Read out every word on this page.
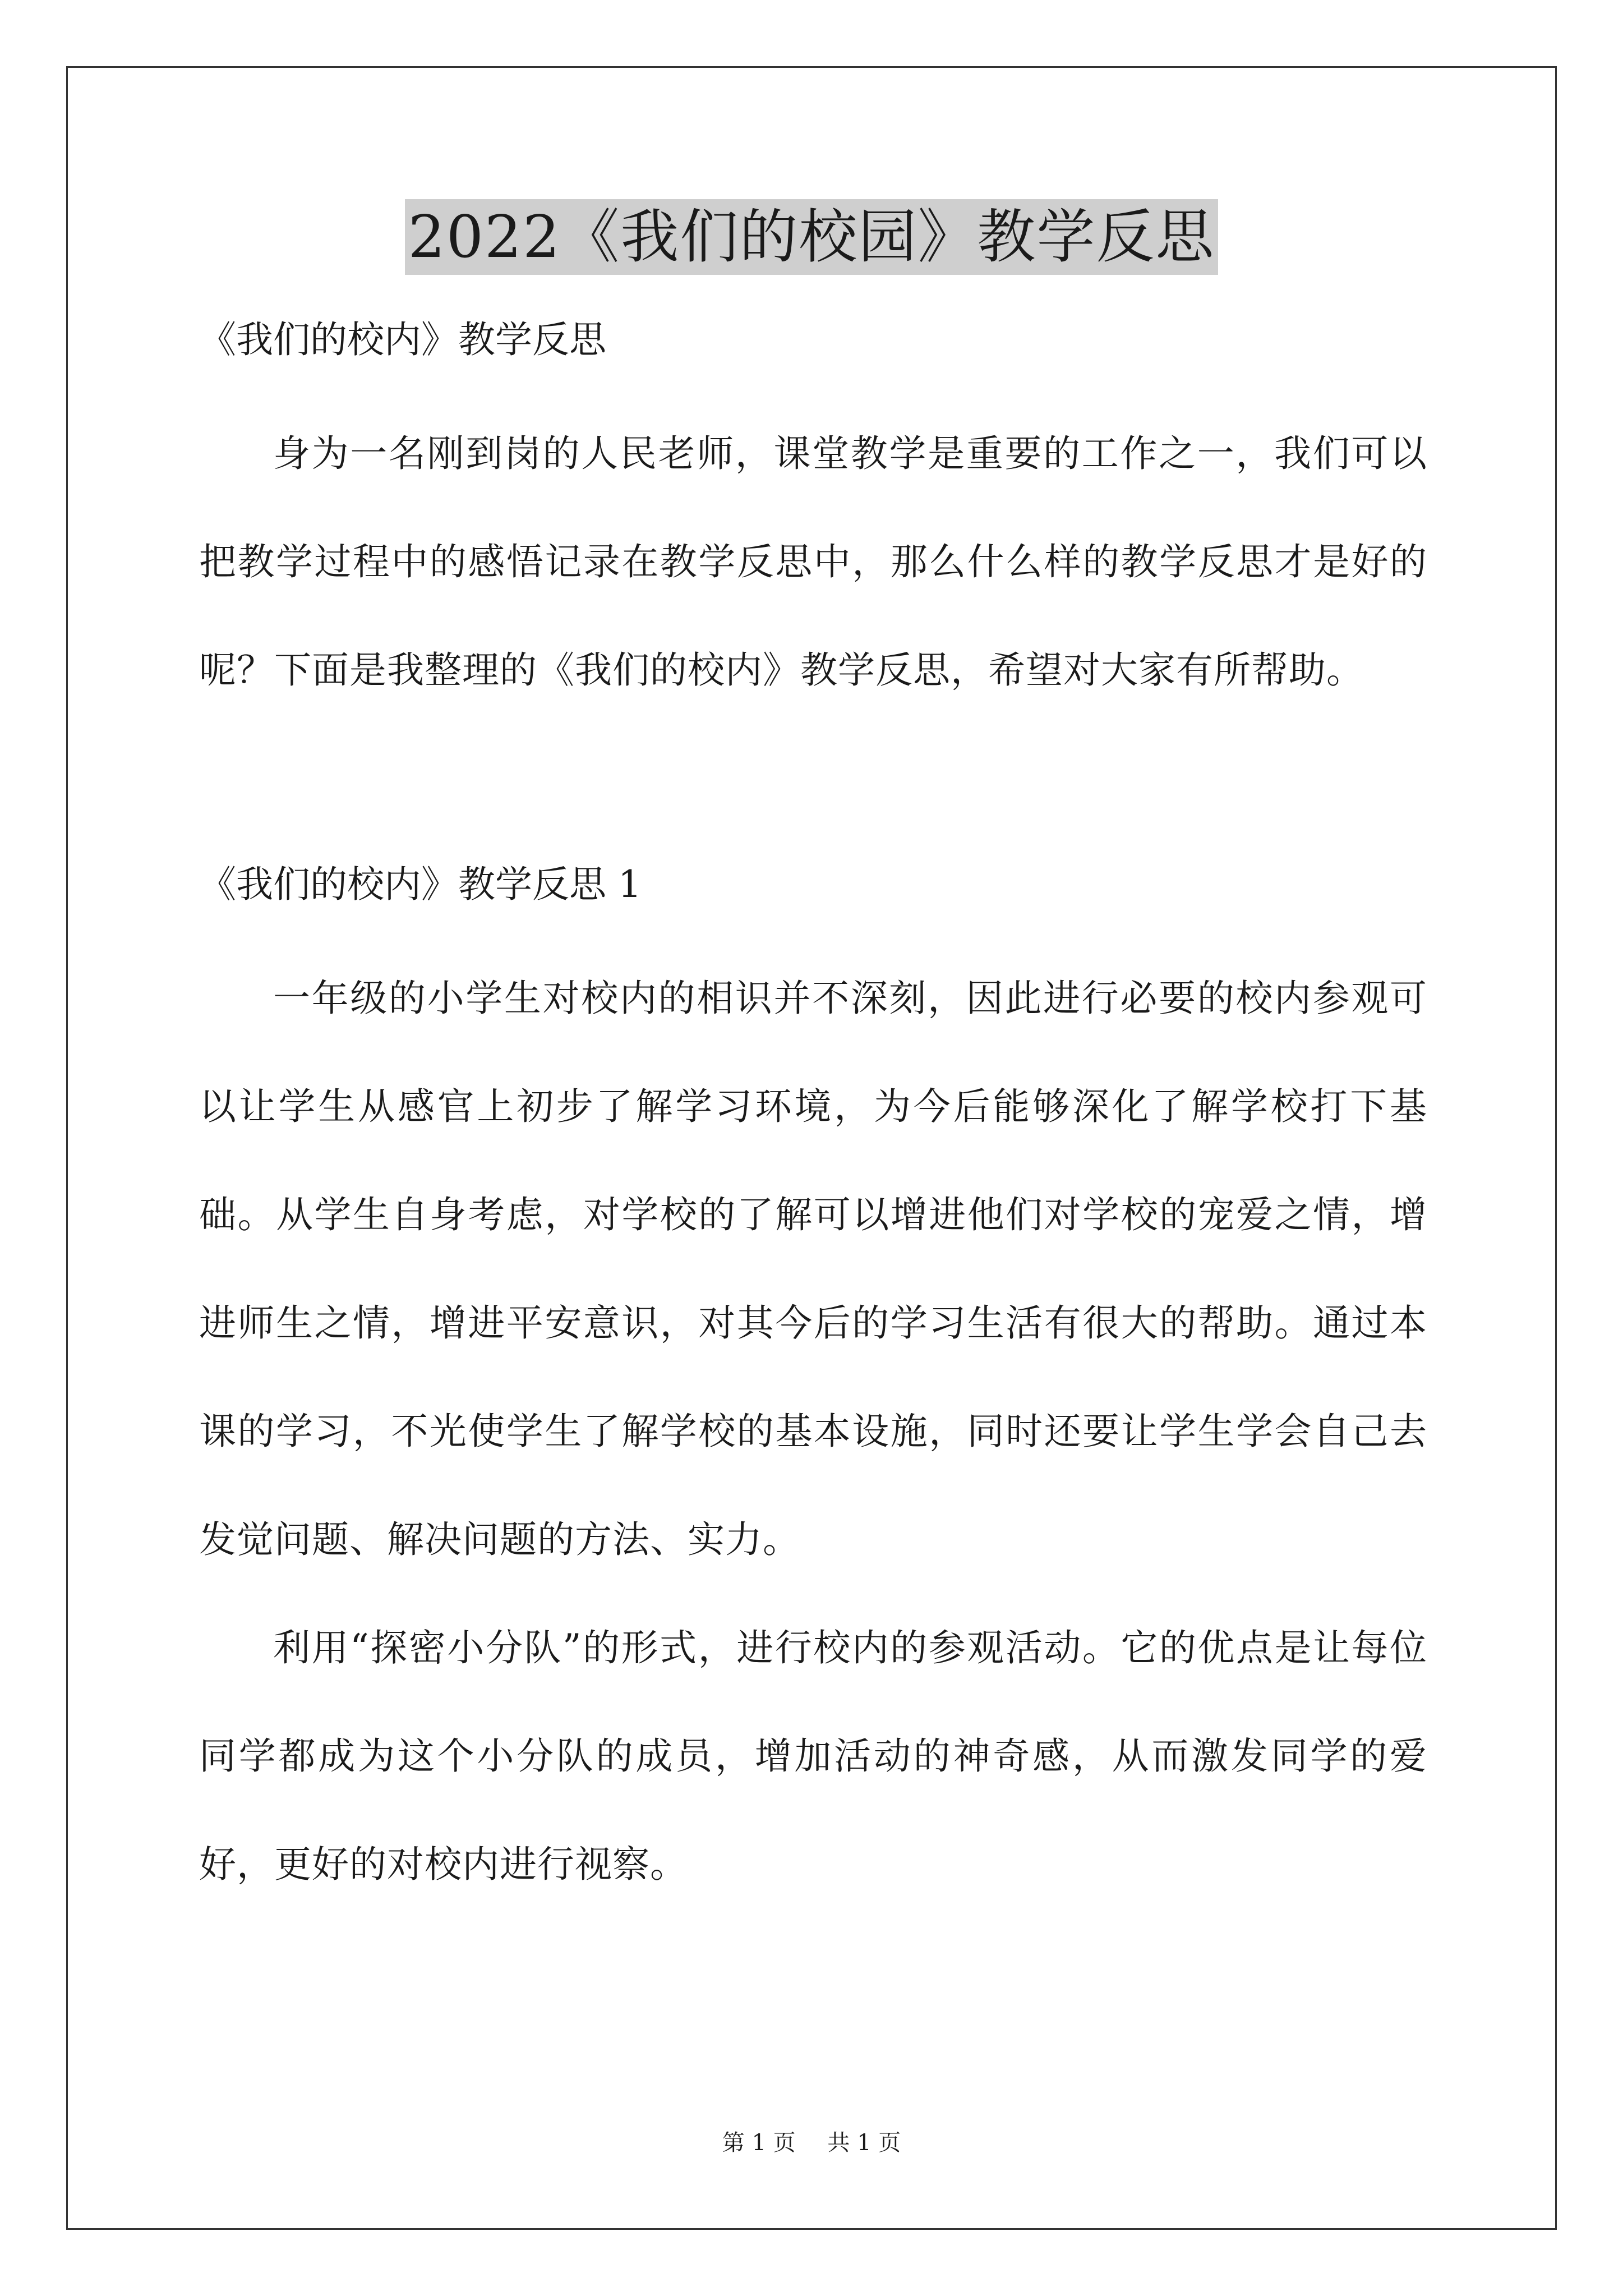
2022《我们的校园》教学反思

《我们的校内》教学反思

身为一名刚到岗的人民老师，课堂教学是重要的工作之一，我们可以把教学过程中的感悟记录在教学反思中，那么什么样的教学反思才是好的呢？下面是我整理的《我们的校内》教学反思，希望对大家有所帮助。

《我们的校内》教学反思 1

一年级的小学生对校内的相识并不深刻，因此进行必要的校内参观可以让学生从感官上初步了解学习环境，为今后能够深化了解学校打下基础。从学生自身考虑，对学校的了解可以增进他们对学校的宠爱之情，增进师生之情，增进平安意识，对其今后的学习生活有很大的帮助。通过本课的学习，不光使学生了解学校的基本设施，同时还要让学生学会自己去发觉问题、解决问题的方法、实力。

利用“探密小分队”的形式，进行校内的参观活动。它的优点是让每位同学都成为这个小分队的成员，增加活动的神奇感，从而激发同学的爱好，更好的对校内进行视察。

第 1 页 共 1 页
